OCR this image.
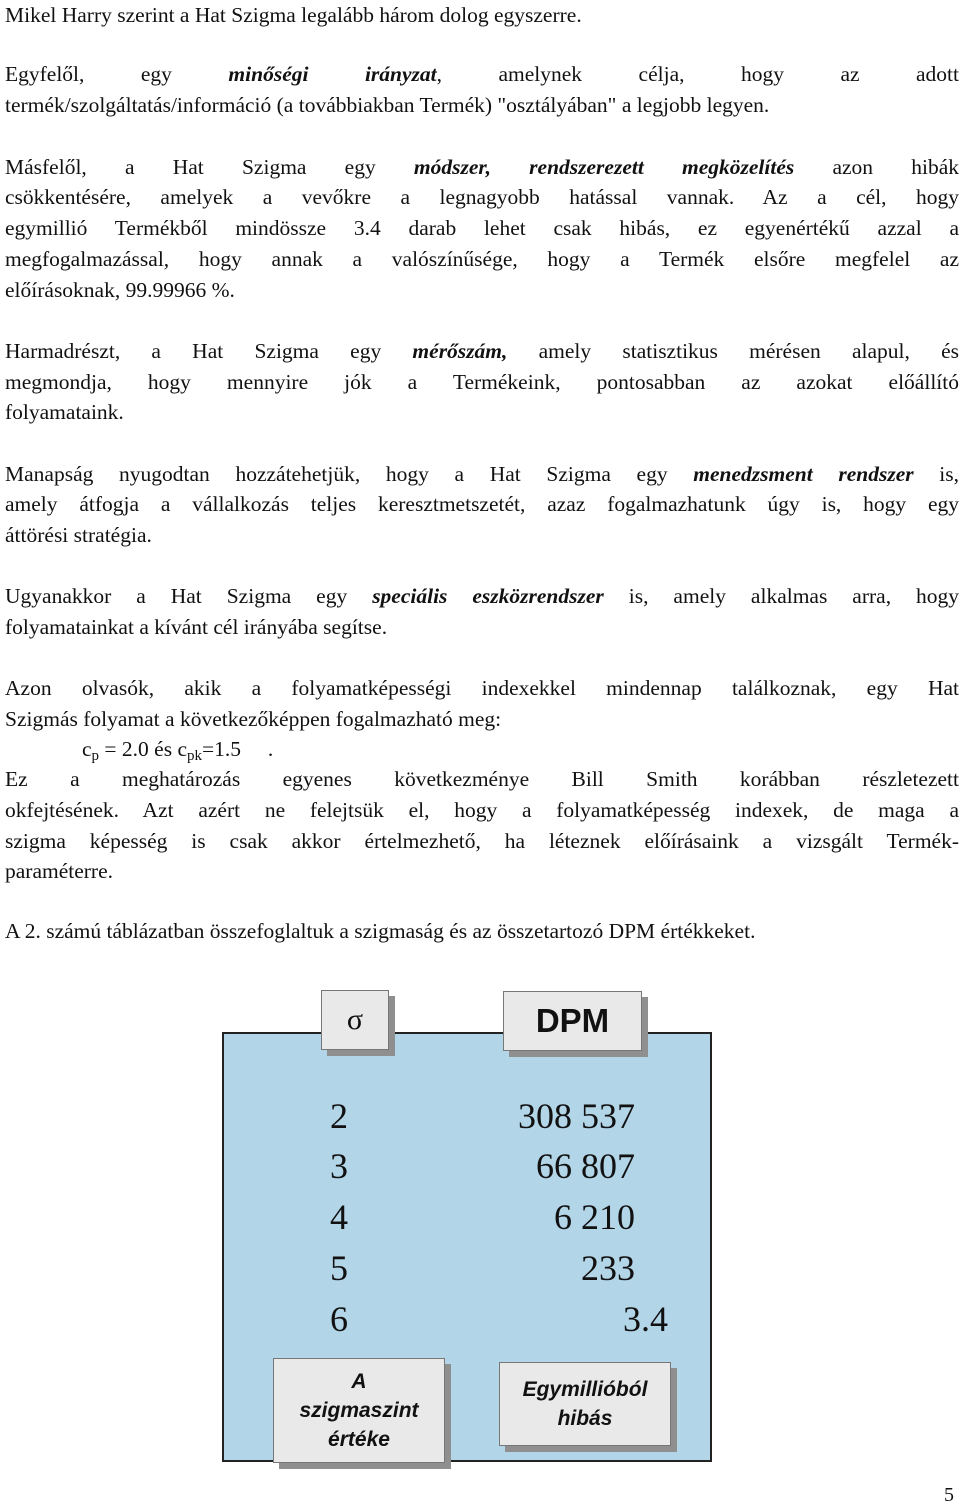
Mikel Harry szerint a Hat Szigma legalább három dolog egyszerre.
Egyfelől, egy	minőségi irányzat, amelynek célja, hogy az adott
termék/szolgáltatás/információ (a továbbiakban Termék) "osztályában" a legjobb legyen.
Másfelől, a Hat Szigma egy módszer, rendszerezett megközelítés azon hibák
csökkentésére, amelyek a vevőkre a legnagyobb hatással vannak. Az a cél, hogy
egymillió Termékből mindössze 3.4 darab lehet csak hibás, ez egyenértékű azzal a
megfogalmazással, hogy annak a valószínűsége, hogy a Termék elsőre megfelel az
előírásoknak, 99.99966 %.
Harmadrészt, a Hat Szigma egy mérőszám, amely statisztikus mérésen alapul, és
megmondja, hogy mennyire jók a Termékeink, pontosabban az azokat előállító
folyamataink.
Manapság nyugodtan hozzátehetjük, hogy a Hat Szigma egy menedzsment rendszer is,
amely átfogja a vállalkozás teljes keresztmetszetét, azaz fogalmazhatunk úgy is, hogy egy
áttörési stratégia.
Ugyanakkor a Hat Szigma egy speciális eszközrendszer is, amely alkalmas arra, hogy
folyamatainkat a kívánt cél irányába segítse.
Azon olvasók, akik a folyamatképességi indexekkel mindennap találkoznak, egy Hat
Szigmás folyamat a következőképpen fogalmazható meg:
$c_p = 2.0$ és $c_{pk}=1.5$     .
Ez a meghatározás egyenes következménye Bill Smith korábban részletezett
okfejtésének. Azt azért ne felejtsük el, hogy a folyamatképesség indexek, de maga a
szigma képesség is csak akkor értelmezhető, ha léteznek előírásaink a vizsgált Termék-
paraméterre.
A 2. számú táblázatban összefoglaltuk a szigmaság és az összetartozó DPM értékkeket.
σ	DPM
2
3
4
5
6
308 537
66 807
6 210
233
3.4
A
szigmaszint
értéke
Egymillióból
hibás
5
